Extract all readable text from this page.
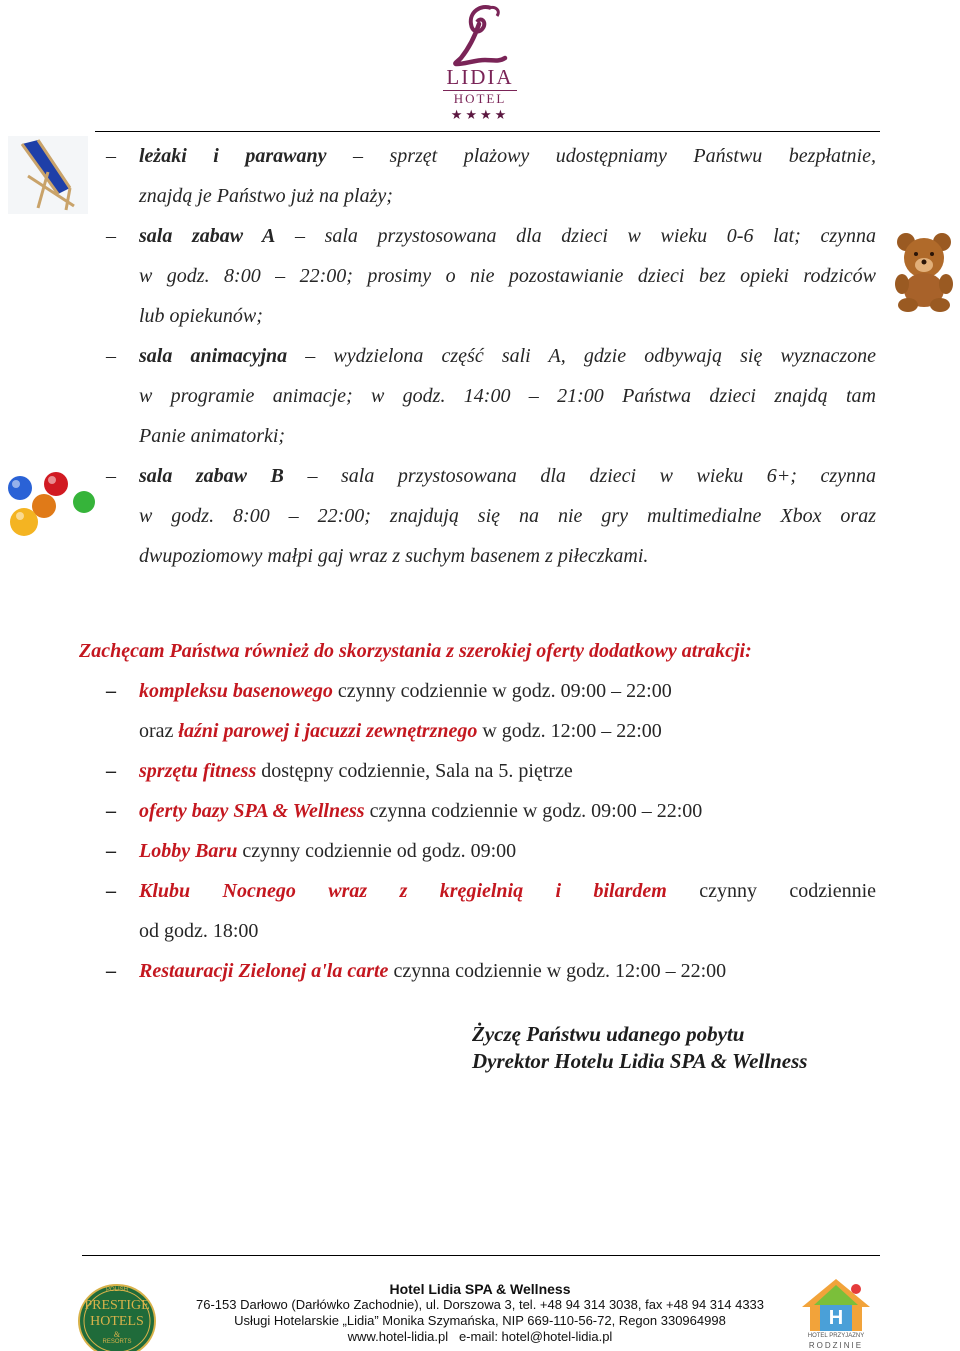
LIDIA
HOTEL
★★★★
– leżaki i parawany – sprzęt plażowy udostępniamy Państwu bezpłatnie,
znajdą je Państwo już na plaży;
– sala zabaw A – sala przystosowana dla dzieci w wieku 0-6 lat; czynna
w godz. 8:00 – 22:00; prosimy o nie pozostawianie dzieci bez opieki rodziców
lub opiekunów;
– sala animacyjna – wydzielona część sali A, gdzie odbywają się wyznaczone
w programie animacje; w godz. 14:00 – 21:00 Państwa dzieci znajdą tam
Panie animatorki;
– sala zabaw B – sala przystosowana dla dzieci w wieku 6+; czynna
w godz. 8:00 – 22:00; znajdują się na nie gry multimedialne Xbox oraz
dwupoziomowy małpi gaj wraz z suchym basenem z piłeczkami.
Zachęcam Państwa również do skorzystania z szerokiej oferty dodatkowy atrakcji:
– kompleksu basenowego czynny codziennie w godz. 09:00 – 22:00
oraz łaźni parowej i jacuzzi zewnętrznego w godz. 12:00 – 22:00
– sprzętu fitness dostępny codziennie, Sala na 5. piętrze
– oferty bazy SPA & Wellness czynna codziennie w godz. 09:00 – 22:00
– Lobby Baru czynny codziennie od godz. 09:00
– Klubu Nocnego wraz z kręgielnią i bilardem czynny codziennie
od godz. 18:00
– Restauracji Zielonej a'la carte czynna codziennie w godz. 12:00 – 22:00
Życzę Państwu udanego pobytu
Dyrektor Hotelu Lidia SPA & Wellness
POLISH
PRESTIGE
HOTELS
&
RESORTS
Hotel Lidia SPA & Wellness
76-153 Darłowo (Darłówko Zachodnie), ul. Dorszowa 3, tel. +48 94 314 3038, fax +48 94 314 4333
Usługi Hotelarskie „Lidia” Monika Szymańska, NIP 669-110-56-72, Regon 330964998
www.hotel-lidia.pl e-mail: hotel@hotel-lidia.pl
H
HOTEL PRZYJAZNY
RODZINIE
